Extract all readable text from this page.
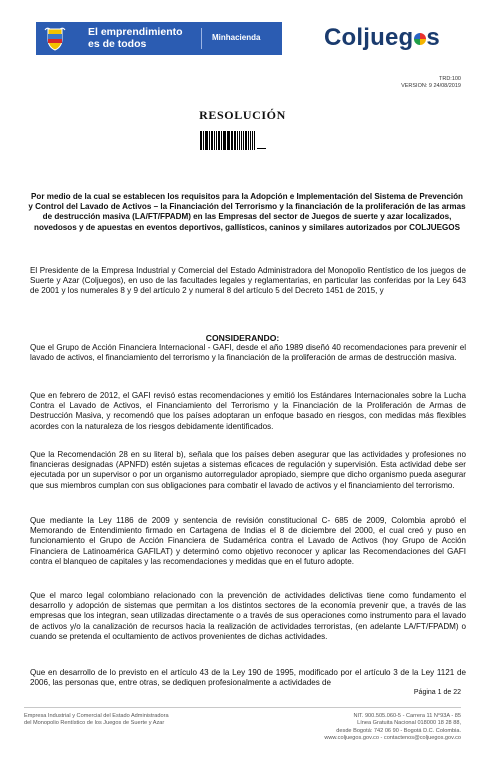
El emprendimiento
es de todos
Minhacienda	Coljueg s
TRD:100
VERSION: 9 24/08/2019
RESOLUCIÓN
Por medio de la cual se establecen los requisitos para la Adopción e Implementación del Sistema de Prevención y Control del Lavado de Activos – la Financiación del Terrorismo y la financiación de la proliferación de las armas de destrucción masiva (LA/FT/FPADM) en las Empresas del sector de Juegos de suerte y azar localizados, novedosos y de apuestas en eventos deportivos, gallísticos, caninos y similares autorizados por COLJUEGOS
El Presidente de la Empresa Industrial y Comercial del Estado Administradora del Monopolio Rentístico de los juegos de Suerte y Azar (Coljuegos), en uso de las facultades legales y reglamentarias, en particular las conferidas por la Ley 643 de 2001 y los numerales 8 y 9 del artículo 2 y numeral 8 del artículo 5 del Decreto 1451 de 2015, y
CONSIDERANDO:
Que el Grupo de Acción Financiera Internacional - GAFI, desde el año 1989 diseñó 40 recomendaciones para prevenir el lavado de activos, el financiamiento del terrorismo y la financiación de la proliferación de armas de destrucción masiva.
Que en febrero de 2012, el GAFI revisó estas recomendaciones y emitió los Estándares Internacionales sobre la Lucha Contra el Lavado de Activos, el Financiamiento del Terrorismo y la Financiación de la Proliferación de Armas de Destrucción Masiva, y recomendó que los países adoptaran un enfoque basado en riesgos, con medidas más flexibles acordes con la naturaleza de los riesgos debidamente identificados.
Que la Recomendación 28 en su literal b), señala que los países deben asegurar que las actividades y profesiones no financieras designadas (APNFD) estén sujetas a sistemas eficaces de regulación y supervisión. Esta actividad debe ser ejecutada por un supervisor o por un organismo autorregulador apropiado, siempre que dicho organismo pueda asegurar que sus miembros cumplan con sus obligaciones para combatir el lavado de activos y el financiamiento del terrorismo.
Que mediante la Ley 1186 de 2009 y sentencia de revisión constitucional C- 685 de 2009, Colombia aprobó el Memorando de Entendimiento firmado en Cartagena de Indias el 8 de diciembre del 2000, el cual creó y puso en funcionamiento el Grupo de Acción Financiera de Sudamérica contra el Lavado de Activos (hoy Grupo de Acción Financiera de Latinoamérica GAFILAT) y determinó como objetivo reconocer y aplicar las Recomendaciones del GAFI contra el blanqueo de capitales y las recomendaciones y medidas que en el futuro adopte.
Que el marco legal colombiano relacionado con la prevención de actividades delictivas tiene como fundamento el desarrollo y adopción de sistemas que permitan a los distintos sectores de la economía prevenir que, a través de las empresas que los integran, sean utilizadas directamente o a través de sus operaciones como instrumento para el lavado de activos y/o la canalización de recursos hacia la realización de actividades terroristas, (en adelante LA/FT/FPADM) o cuando se pretenda el ocultamiento de activos provenientes de dichas actividades.
Que en desarrollo de lo previsto en el artículo 43 de la Ley 190 de 1995, modificado por el artículo 3 de la Ley 1121 de 2006, las personas que, entre otras, se dediquen profesionalmente a actividades de
Página 1 de 22
Empresa Industrial y Comercial del Estado Administradora
del Monopolio Rentístico de los Juegos de Suerte y Azar
NIT. 900.505.060-5 - Carrera 11 N°93A - 85
Línea Gratuita Nacional 018000 18 28 88,
desde Bogotá: 742 06 90 - Bogotá D.C. Colombia.
www.coljuegos.gov.co - contactenos@coljuegos.gov.co
